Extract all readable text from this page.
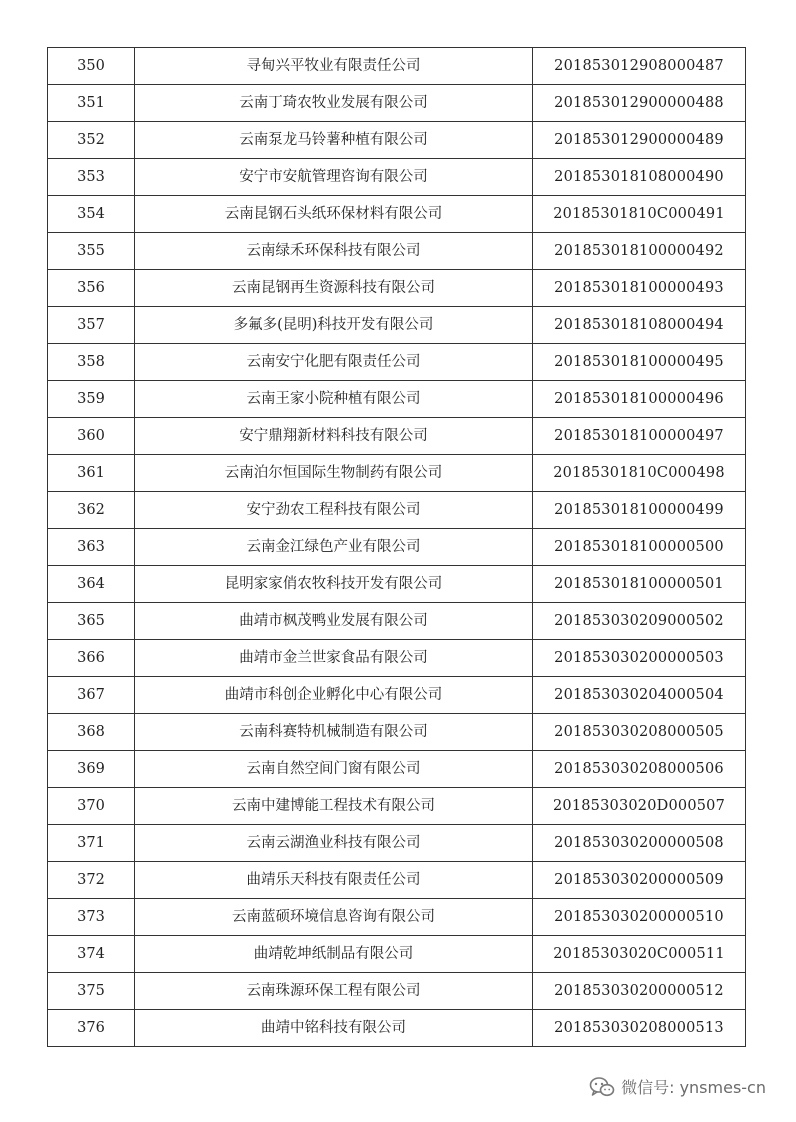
350	寻甸兴平牧业有限责任公司	201853012908000487
351	云南丁琦农牧业发展有限公司	201853012900000488
352	云南泵龙马铃薯种植有限公司	201853012900000489
353	安宁市安航管理咨询有限公司	201853018108000490
354	云南昆钢石头纸环保材料有限公司	20185301810C000491
355	云南绿禾环保科技有限公司	201853018100000492
356	云南昆钢再生资源科技有限公司	201853018100000493
357	多氟多(昆明)科技开发有限公司	201853018108000494
358	云南安宁化肥有限责任公司	201853018100000495
359	云南王家小院种植有限公司	201853018100000496
360	安宁鼎翔新材料科技有限公司	201853018100000497
361	云南泊尔恒国际生物制药有限公司	20185301810C000498
362	安宁劲农工程科技有限公司	201853018100000499
363	云南金江绿色产业有限公司	201853018100000500
364	昆明家家俏农牧科技开发有限公司	201853018100000501
365	曲靖市枫茂鸭业发展有限公司	201853030209000502
366	曲靖市金兰世家食品有限公司	201853030200000503
367	曲靖市科创企业孵化中心有限公司	201853030204000504
368	云南科赛特机械制造有限公司	201853030208000505
369	云南自然空间门窗有限公司	201853030208000506
370	云南中建博能工程技术有限公司	20185303020D000507
371	云南云湖渔业科技有限公司	201853030200000508
372	曲靖乐天科技有限责任公司	201853030200000509
373	云南蓝硕环境信息咨询有限公司	201853030200000510
374	曲靖乾坤纸制品有限公司	20185303020C000511
375	云南珠源环保工程有限公司	201853030200000512
376	曲靖中铭科技有限公司	201853030208000513
微信号: ynsmes-cn
